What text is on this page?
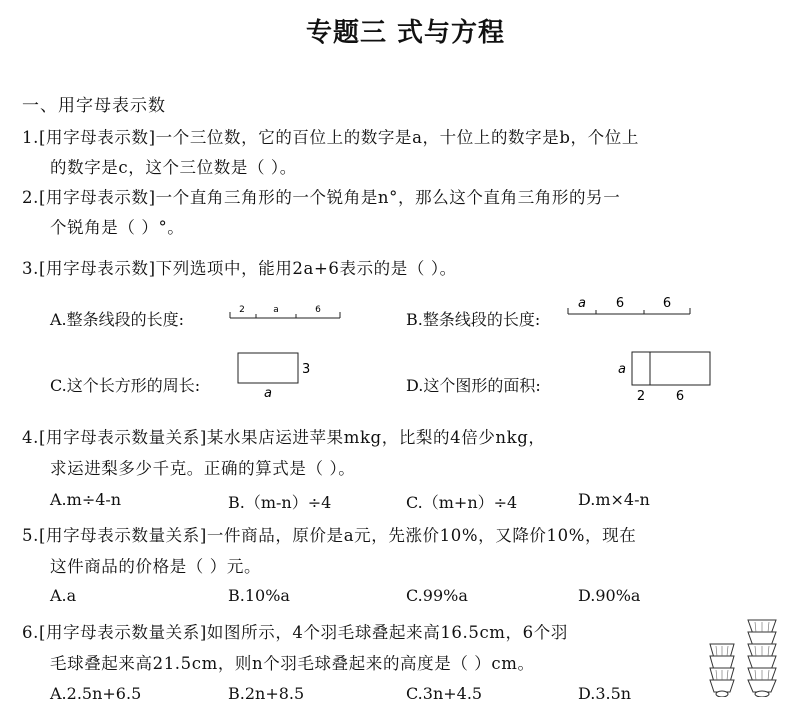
专题三 式与方程
一、用字母表示数
1.[用字母表示数]一个三位数，它的百位上的数字是a，十位上的数字是b，个位上
的数字是c，这个三位数是（ ）。
2.[用字母表示数]一个直角三角形的一个锐角是n°，那么这个直角三角形的另一
个锐角是（ ）°。
3.[用字母表示数]下列选项中，能用2a+6表示的是（ ）。
A.整条线段的长度:	2	a	6	B.整条线段的长度:
a 6	6
C.这个长方形的周长:
3
a	D.这个图形的面积:
a
2 6
4.[用字母表示数量关系]某水果店运进苹果mkg，比梨的4倍少nkg，
求运进梨多少千克。正确的算式是（ ）。
A.m÷4-n	B.（m-n）÷4	C.（m+n）÷4	D.m×4-n
5.[用字母表示数量关系]一件商品，原价是a元，先涨价10%，又降价10%，现在
这件商品的价格是（ ）元。
A.a	B.10%a	C.99%a	D.90%a
6.[用字母表示数量关系]如图所示，4个羽毛球叠起来高16.5cm，6个羽
毛球叠起来高21.5cm，则n个羽毛球叠起来的高度是（ ）cm。
A.2.5n+6.5	B.2n+8.5	C.3n+4.5	D.3.5n
